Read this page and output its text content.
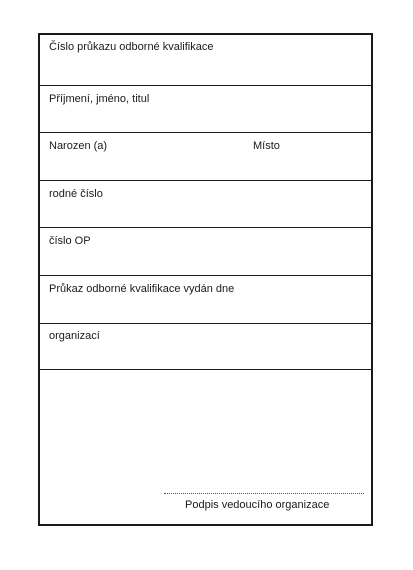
Číslo průkazu odborné kvalifikace
Příjmení, jméno, titul
Narozen (a)	Místo
rodné číslo
číslo OP
Průkaz odborné kvalifikace vydán dne
organizací
Podpis vedoucího organizace
